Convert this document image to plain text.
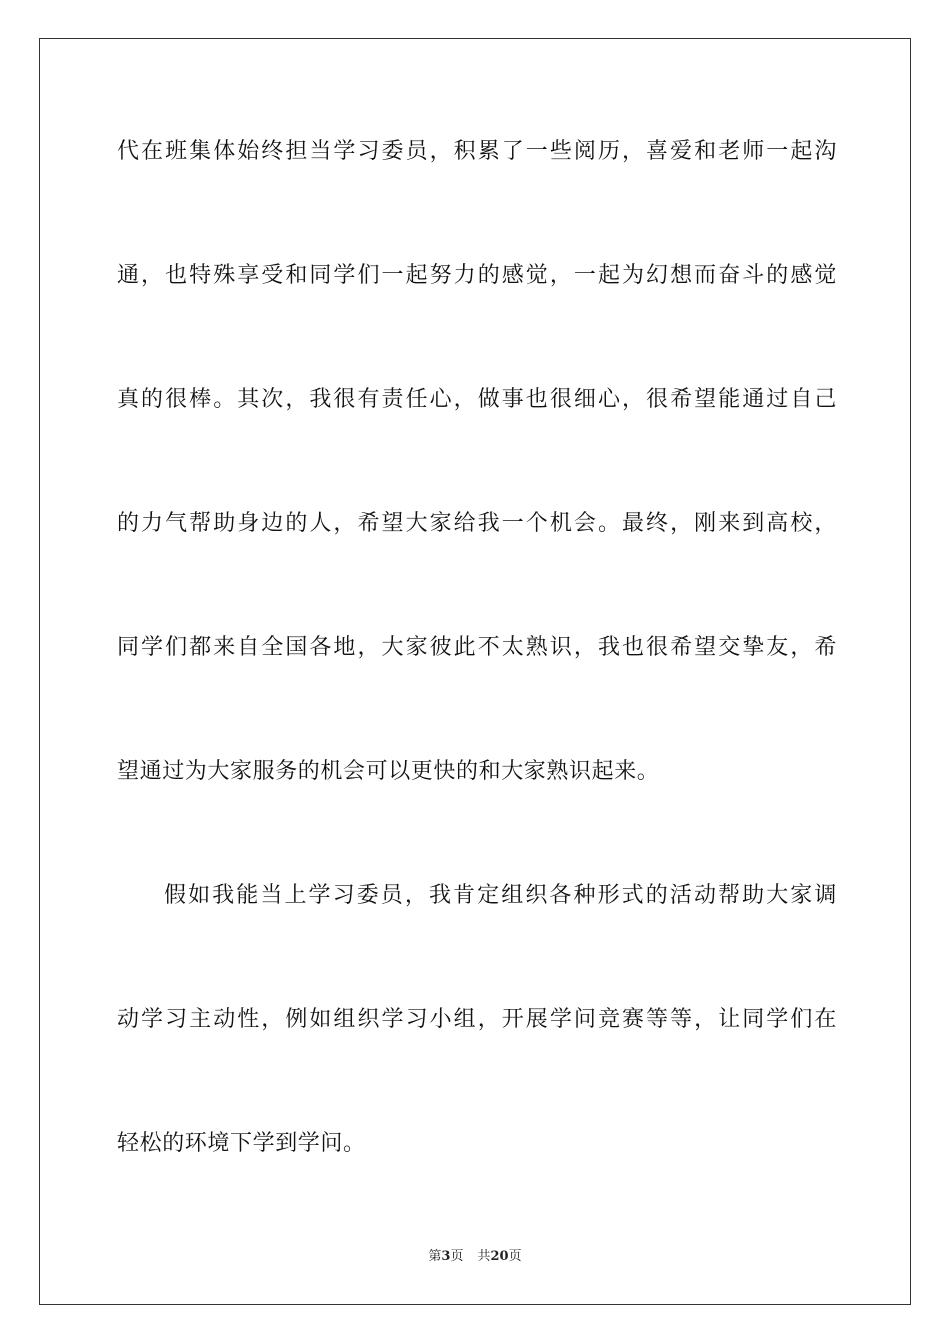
代在班集体始终担当学习委员，积累了一些阅历，喜爱和老师一起沟
通，也特殊享受和同学们一起努力的感觉，一起为幻想而奋斗的感觉
真的很棒。其次，我很有责任心，做事也很细心，很希望能通过自己
的力气帮助身边的人，希望大家给我一个机会。最终，刚来到高校，
同学们都来自全国各地，大家彼此不太熟识，我也很希望交挚友，希
望通过为大家服务的机会可以更快的和大家熟识起来。
假如我能当上学习委员，我肯定组织各种形式的活动帮助大家调
动学习主动性，例如组织学习小组，开展学问竞赛等等，让同学们在
轻松的环境下学到学问。
第3页 共20页
